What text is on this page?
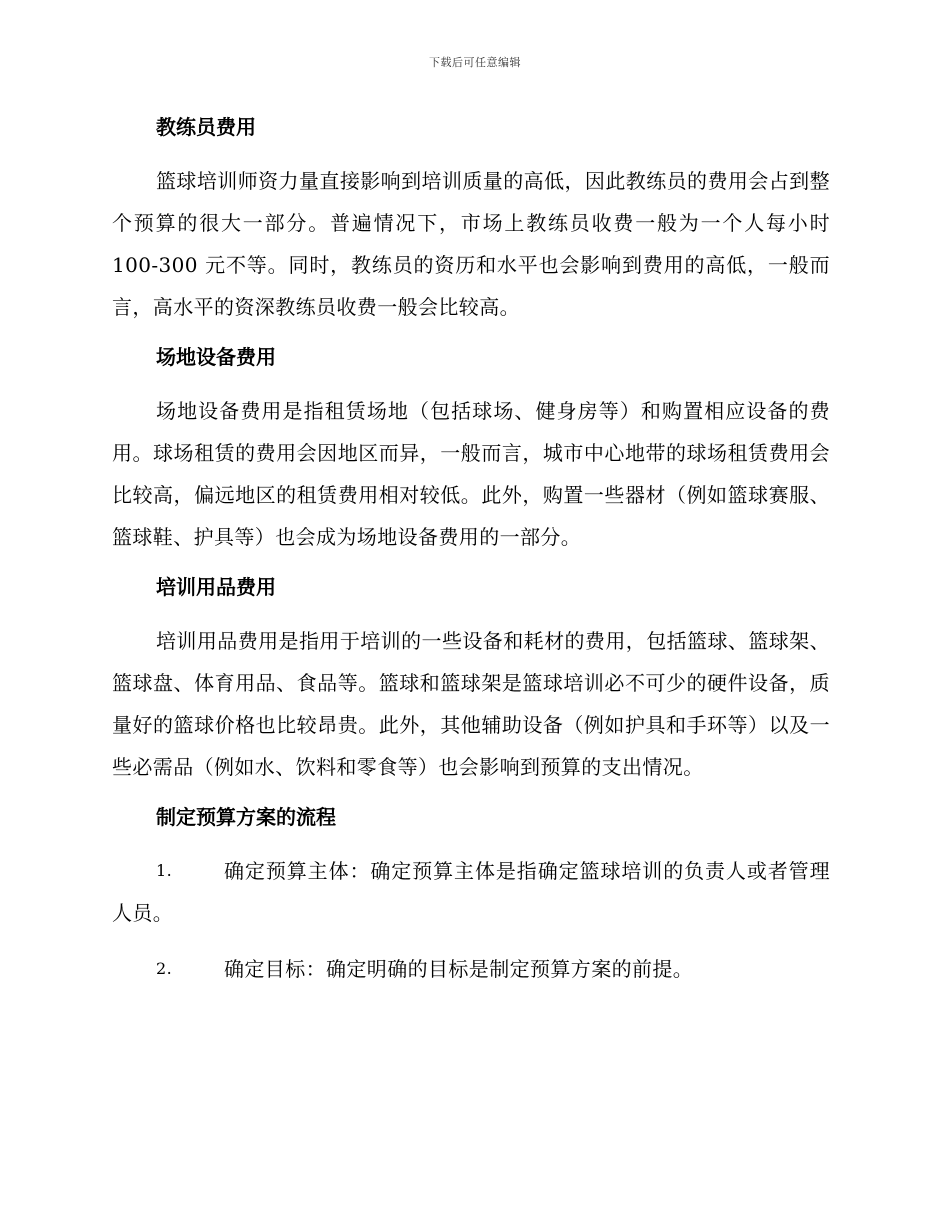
下载后可任意编辑
教练员费用

篮球培训师资力量直接影响到培训质量的高低，因此教练员的费用会占到整个预算的很大一部分。普遍情况下，市场上教练员收费一般为一个人每小时 100-300 元不等。同时，教练员的资历和水平也会影响到费用的高低，一般而言，高水平的资深教练员收费一般会比较高。

场地设备费用

场地设备费用是指租赁场地（包括球场、健身房等）和购置相应设备的费用。球场租赁的费用会因地区而异，一般而言，城市中心地带的球场租赁费用会比较高，偏远地区的租赁费用相对较低。此外，购置一些器材（例如篮球赛服、篮球鞋、护具等）也会成为场地设备费用的一部分。

培训用品费用

培训用品费用是指用于培训的一些设备和耗材的费用，包括篮球、篮球架、篮球盘、体育用品、食品等。篮球和篮球架是篮球培训必不可少的硬件设备，质量好的篮球价格也比较昂贵。此外，其他辅助设备（例如护具和手环等）以及一些必需品（例如水、饮料和零食等）也会影响到预算的支出情况。

制定预算方案的流程

1.	确定预算主体：确定预算主体是指确定篮球培训的负责人或者管理人员。

2.	确定目标：确定明确的目标是制定预算方案的前提。
